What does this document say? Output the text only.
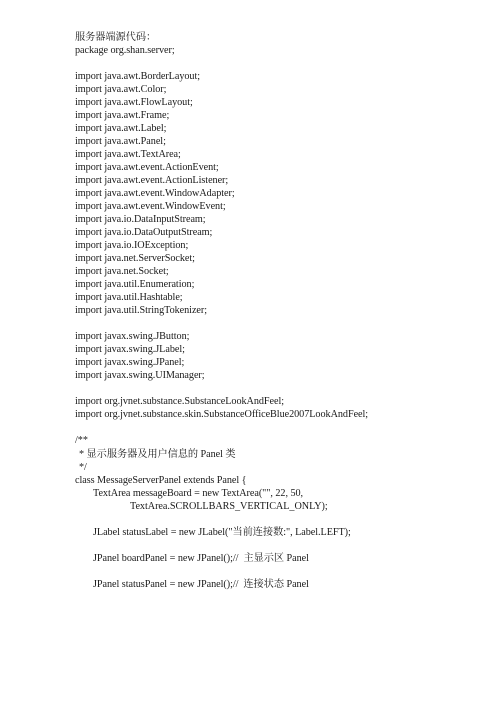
服务器端源代码：
package org.shan.server;
import java.awt.BorderLayout;
import java.awt.Color;
import java.awt.FlowLayout;
import java.awt.Frame;
import java.awt.Label;
import java.awt.Panel;
import java.awt.TextArea;
import java.awt.event.ActionEvent;
import java.awt.event.ActionListener;
import java.awt.event.WindowAdapter;
import java.awt.event.WindowEvent;
import java.io.DataInputStream;
import java.io.DataOutputStream;
import java.io.IOException;
import java.net.ServerSocket;
import java.net.Socket;
import java.util.Enumeration;
import java.util.Hashtable;
import java.util.StringTokenizer;
import javax.swing.JButton;
import javax.swing.JLabel;
import javax.swing.JPanel;
import javax.swing.UIManager;
import org.jvnet.substance.SubstanceLookAndFeel;
import org.jvnet.substance.skin.SubstanceOfficeBlue2007LookAndFeel;
/**
* 显示服务器及用户信息的 Panel 类
*/
class MessageServerPanel extends Panel {
TextArea messageBoard = new TextArea("", 22, 50,
TextArea.SCROLLBARS_VERTICAL_ONLY);
JLabel statusLabel = new JLabel("当前连接数:", Label.LEFT);
JPanel boardPanel = new JPanel();//  主显示区 Panel
JPanel statusPanel = new JPanel();//  连接状态 Panel
